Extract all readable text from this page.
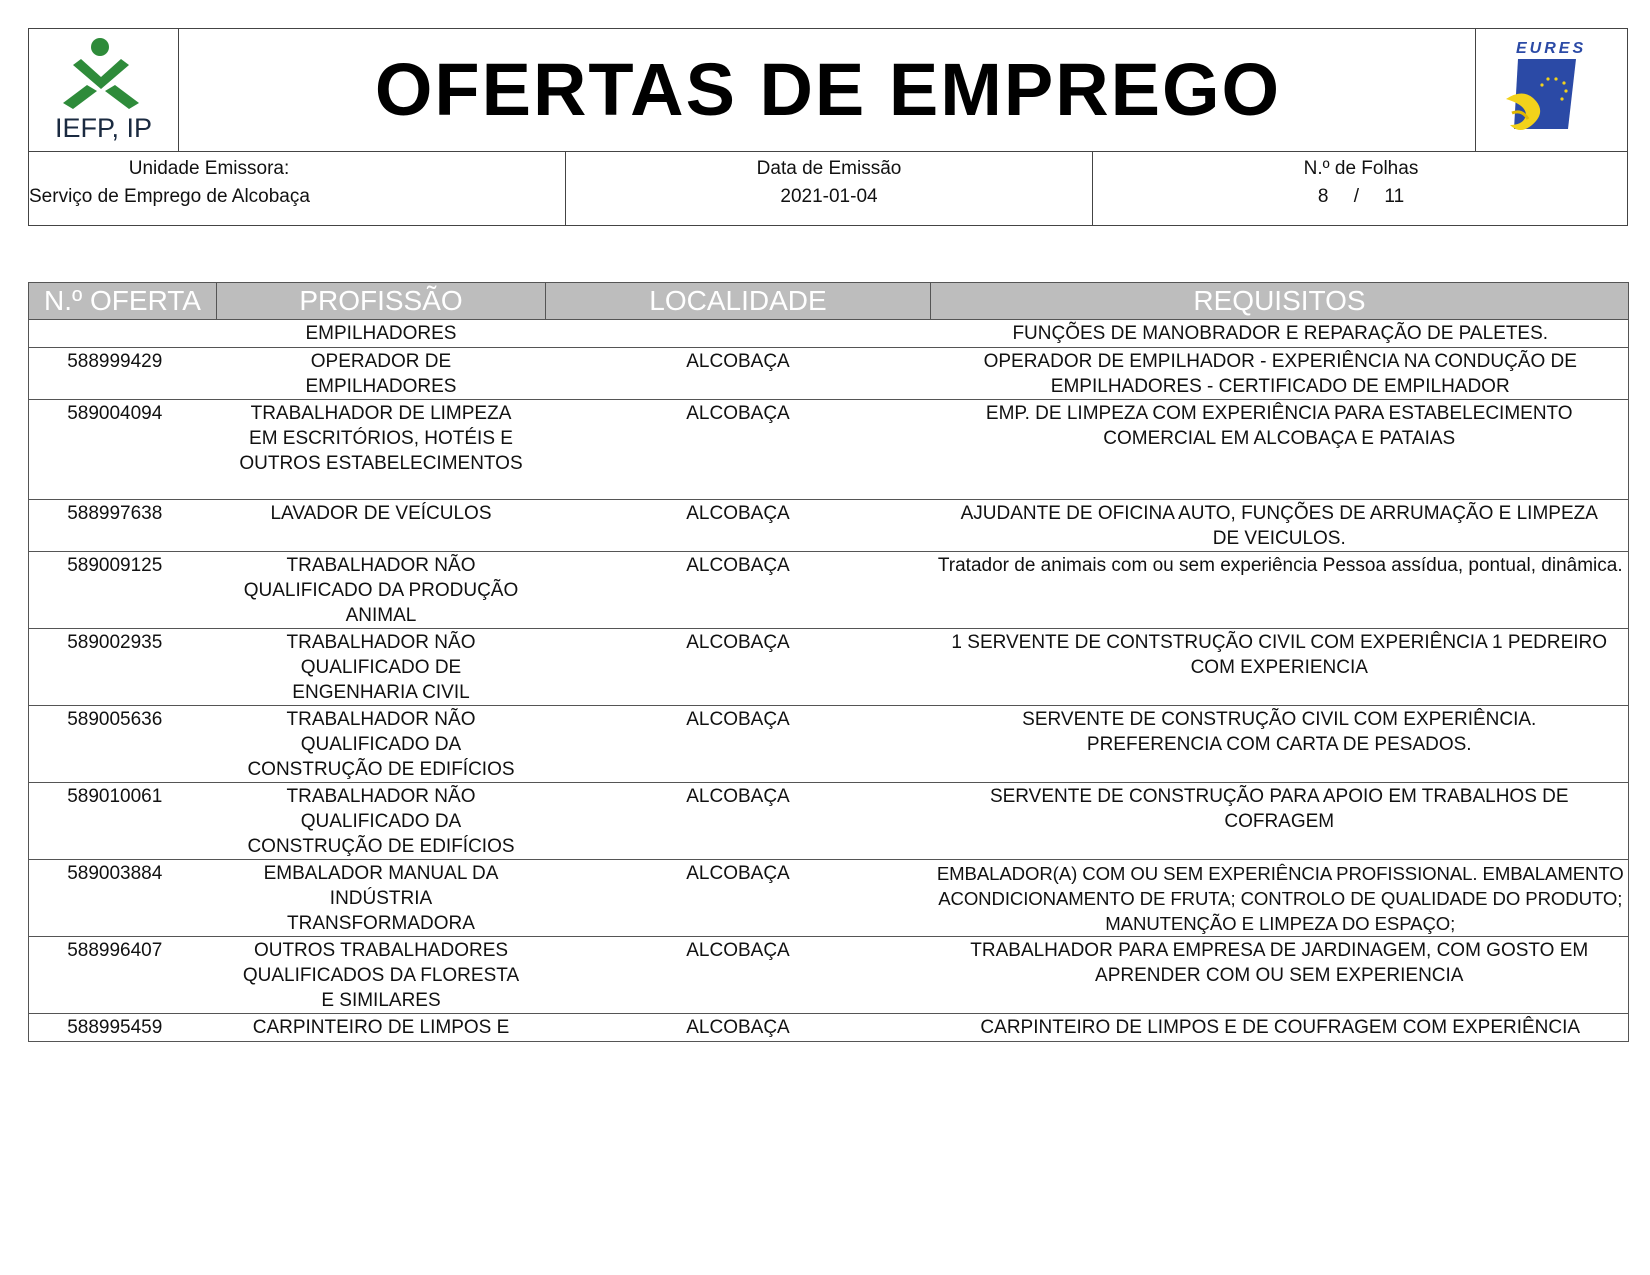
IEFP, IP	OFERTAS DE EMPREGO	EURES
Unidade Emissora:
Serviço de Emprego de Alcobaça
Data de Emissão
2021-01-04
N.º de Folhas
8 / 11
N.º OFERTA	PROFISSÃO	LOCALIDADE	REQUISITOS
	EMPILHADORES		FUNÇÕES DE MANOBRADOR E REPARAÇÃO DE PALETES.
588999429	OPERADOR DE EMPILHADORES	ALCOBAÇA	OPERADOR DE EMPILHADOR - EXPERIÊNCIA NA CONDUÇÃO DE EMPILHADORES - CERTIFICADO DE EMPILHADOR
589004094	TRABALHADOR DE LIMPEZA EM ESCRITÓRIOS, HOTÉIS E OUTROS ESTABELECIMENTOS	ALCOBAÇA	EMP. DE LIMPEZA COM EXPERIÊNCIA PARA ESTABELECIMENTO COMERCIAL EM ALCOBAÇA E PATAIAS
588997638	LAVADOR DE VEÍCULOS	ALCOBAÇA	AJUDANTE DE OFICINA AUTO, FUNÇÕES DE ARRUMAÇÃO E LIMPEZA DE VEICULOS.
589009125	TRABALHADOR NÃO QUALIFICADO DA PRODUÇÃO ANIMAL	ALCOBAÇA	Tratador de animais com ou sem experiência Pessoa assídua, pontual, dinâmica.
589002935	TRABALHADOR NÃO QUALIFICADO DE ENGENHARIA CIVIL	ALCOBAÇA	1 SERVENTE DE CONTSTRUÇÃO CIVIL COM EXPERIÊNCIA 1 PEDREIRO COM EXPERIENCIA
589005636	TRABALHADOR NÃO QUALIFICADO DA CONSTRUÇÃO DE EDIFÍCIOS	ALCOBAÇA	SERVENTE DE CONSTRUÇÃO CIVIL COM EXPERIÊNCIA. PREFERENCIA COM CARTA DE PESADOS.
589010061	TRABALHADOR NÃO QUALIFICADO DA CONSTRUÇÃO DE EDIFÍCIOS	ALCOBAÇA	SERVENTE DE CONSTRUÇÃO PARA APOIO EM TRABALHOS DE COFRAGEM
589003884	EMBALADOR MANUAL DA INDÚSTRIA TRANSFORMADORA	ALCOBAÇA	EMBALADOR(A) COM OU SEM EXPERIÊNCIA PROFISSIONAL. EMBALAMENTO ACONDICIONAMENTO DE FRUTA; CONTROLO DE QUALIDADE DO PRODUTO; MANUTENÇÃO E LIMPEZA DO ESPAÇO;
588996407	OUTROS TRABALHADORES QUALIFICADOS DA FLORESTA E SIMILARES	ALCOBAÇA	TRABALHADOR PARA EMPRESA DE JARDINAGEM, COM GOSTO EM APRENDER COM OU SEM EXPERIENCIA
588995459	CARPINTEIRO DE LIMPOS E	ALCOBAÇA	CARPINTEIRO DE LIMPOS E DE COUFRAGEM COM EXPERIÊNCIA
